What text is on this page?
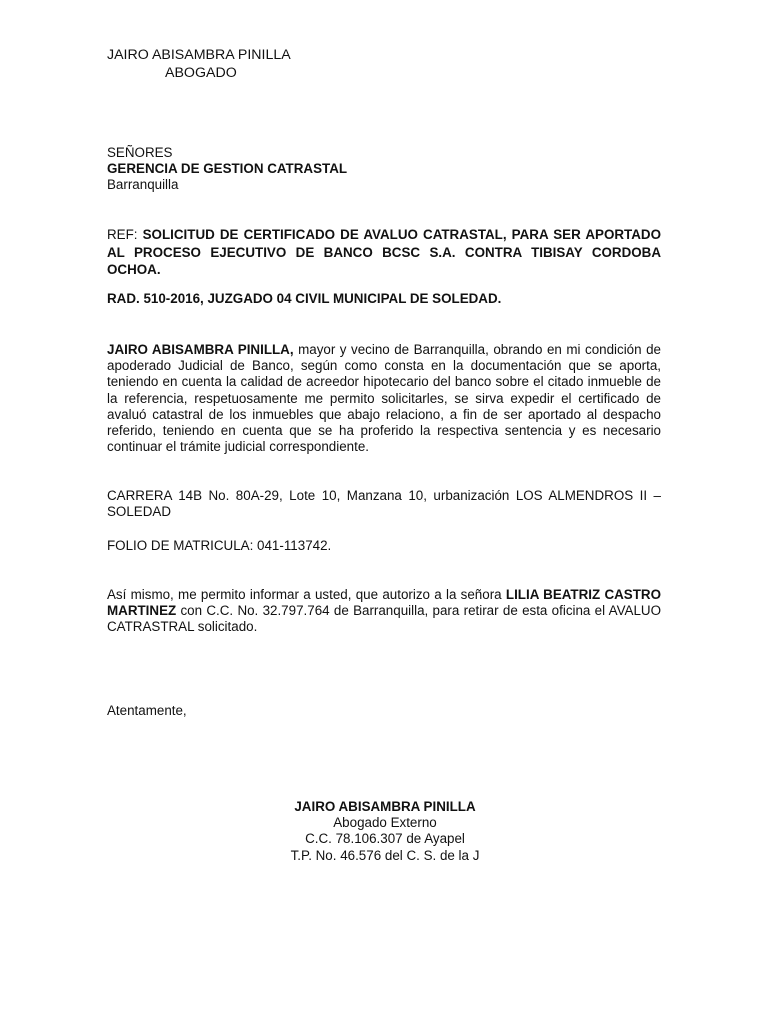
JAIRO ABISAMBRA PINILLA
ABOGADO
SEÑORES
GERENCIA DE GESTION CATRASTAL
Barranquilla
REF: SOLICITUD DE CERTIFICADO DE AVALUO CATRASTAL, PARA SER APORTADO AL PROCESO EJECUTIVO DE BANCO BCSC S.A. CONTRA TIBISAY CORDOBA OCHOA.
RAD. 510-2016, JUZGADO 04 CIVIL MUNICIPAL DE SOLEDAD.
JAIRO ABISAMBRA PINILLA, mayor y vecino de Barranquilla, obrando en mi condición de apoderado Judicial de Banco, según como consta en la documentación que se aporta, teniendo en cuenta la calidad de acreedor hipotecario del banco sobre el citado inmueble de la referencia, respetuosamente me permito solicitarles, se sirva expedir el certificado de avaluó catastral de los inmuebles que abajo relaciono, a fin de ser aportado al despacho referido, teniendo en cuenta que se ha proferido la respectiva sentencia y es necesario continuar el trámite judicial correspondiente.
CARRERA 14B No. 80A-29, Lote 10, Manzana 10, urbanización LOS ALMENDROS II – SOLEDAD
FOLIO DE MATRICULA: 041-113742.
Así mismo, me permito informar a usted, que autorizo a la señora LILIA BEATRIZ CASTRO MARTINEZ con C.C. No. 32.797.764 de Barranquilla, para retirar de esta oficina el AVALUO CATRASTRAL solicitado.
Atentamente,
JAIRO ABISAMBRA PINILLA
Abogado Externo
C.C. 78.106.307 de Ayapel
T.P. No. 46.576 del C. S. de la J
